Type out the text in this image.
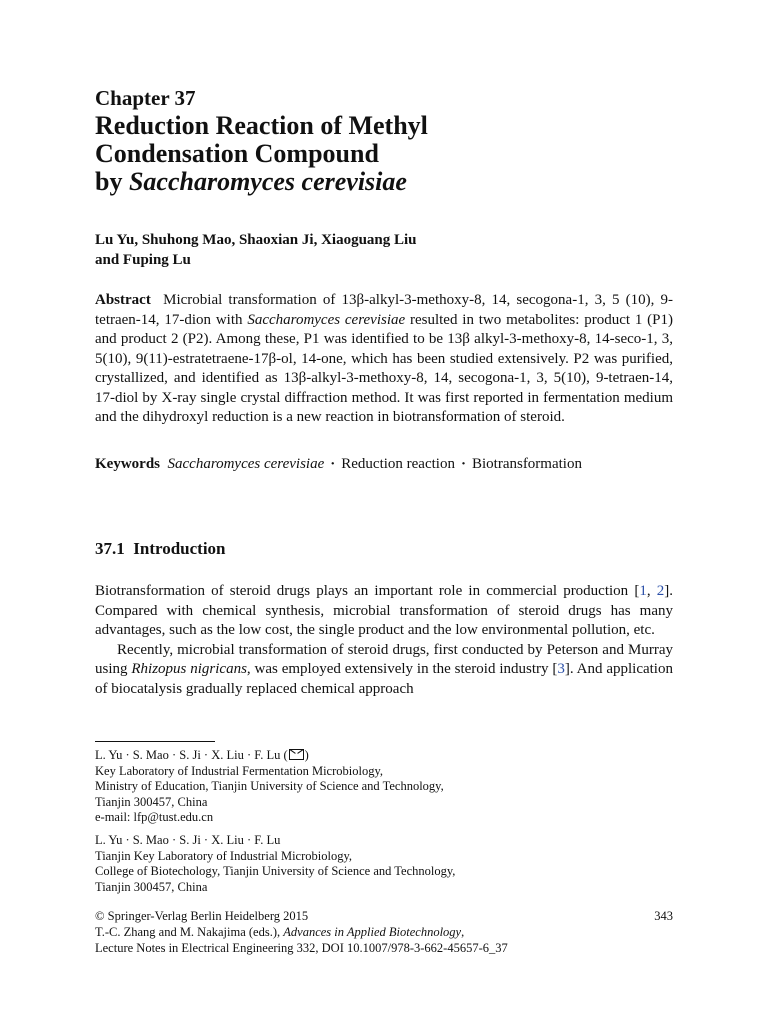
Chapter 37
Reduction Reaction of Methyl
Condensation Compound
by Saccharomyces cerevisiae
Lu Yu, Shuhong Mao, Shaoxian Ji, Xiaoguang Liu
and Fuping Lu
Abstract Microbial transformation of 13β-alkyl-3-methoxy-8, 14, secogona-1, 3, 5 (10), 9-tetraen-14, 17-dion with Saccharomyces cerevisiae resulted in two metabolites: product 1 (P1) and product 2 (P2). Among these, P1 was identified to be 13β alkyl-3-methoxy-8, 14-seco-1, 3, 5(10), 9(11)-estratetraene-17β-ol, 14-one, which has been studied extensively. P2 was purified, crystallized, and identified as 13β-alkyl-3-methoxy-8, 14, secogona-1, 3, 5(10), 9-tetraen-14, 17-diol by X-ray single crystal diffraction method. It was first reported in fermentation medium and the dihydroxyl reduction is a new reaction in biotransformation of steroid.
Keywords Saccharomyces cerevisiae · Reduction reaction · Biotransformation
37.1 Introduction

Biotransformation of steroid drugs plays an important role in commercial production [1, 2]. Compared with chemical synthesis, microbial transformation of steroid drugs has many advantages, such as the low cost, the single product and the low environmental pollution, etc.

Recently, microbial transformation of steroid drugs, first conducted by Peterson and Murray using Rhizopus nigricans, was employed extensively in the steroid industry [3]. And application of biocatalysis gradually replaced chemical approach

L. Yu · S. Mao · S. Ji · X. Liu · F. Lu ( )
Key Laboratory of Industrial Fermentation Microbiology,
Ministry of Education, Tianjin University of Science and Technology,
Tianjin 300457, China
e-mail: lfp@tust.edu.cn
L. Yu · S. Mao · S. Ji · X. Liu · F. Lu
Tianjin Key Laboratory of Industrial Microbiology,
College of Biotechology, Tianjin University of Science and Technology,
Tianjin 300457, China
343
© Springer-Verlag Berlin Heidelberg 2015
T.-C. Zhang and M. Nakajima (eds.), Advances in Applied Biotechnology,
Lecture Notes in Electrical Engineering 332, DOI 10.1007/978-3-662-45657-6_37
